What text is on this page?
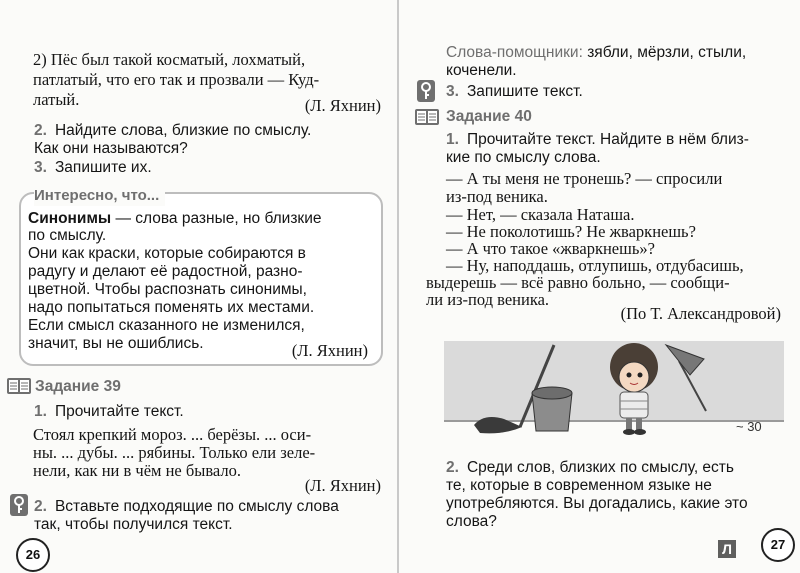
2) Пёс был такой косматый, лохматый,

патлатый, что его так и прозвали — Куд-

латый.	(Л. Яхнин)

2. Найдите слова, близкие по смыслу.

Как они называются?

3. Запишите их.

Интересно, что...

Синонимы — слова разные, но близкие

по смыслу.

Они как краски, которые собираются в

радугу и делают её радостной, разно-

цветной. Чтобы распознать синонимы,

надо попытаться поменять их местами.

Если смысл сказанного не изменился,

значит, вы не ошиблись.	(Л. Яхнин)

Задание 39

1. Прочитайте текст.

Стоял крепкий мороз. ... берёзы. ... оси-

ны. ... дубы. ... рябины. Только ели зеле-

нели, как ни в чём не бывало.

(Л. Яхнин)

2. Вставьте подходящие по смыслу слова

так, чтобы получился текст.

26

Слова-помощники: зябли, мёрзли, стыли,

коченели.

3. Запишите текст.

Задание 40

1. Прочитайте текст. Найдите в нём близ-

кие по смыслу слова.

— А ты меня не тронешь? — спросили

из-под веника.

— Нет, — сказала Наташа.

— Не поколотишь? Не жваркнешь?

— А что такое «жваркнешь»?

— Ну, наподдашь, отлупишь, отдубасишь,

выдерешь — всё равно больно, — сообщи-

ли из-под веника.

(По Т. Александровой)

~ 30

2. Среди слов, близких по смыслу, есть

те, которые в современном языке не

употребляются. Вы догадались, какие это

слова?

27
Л
